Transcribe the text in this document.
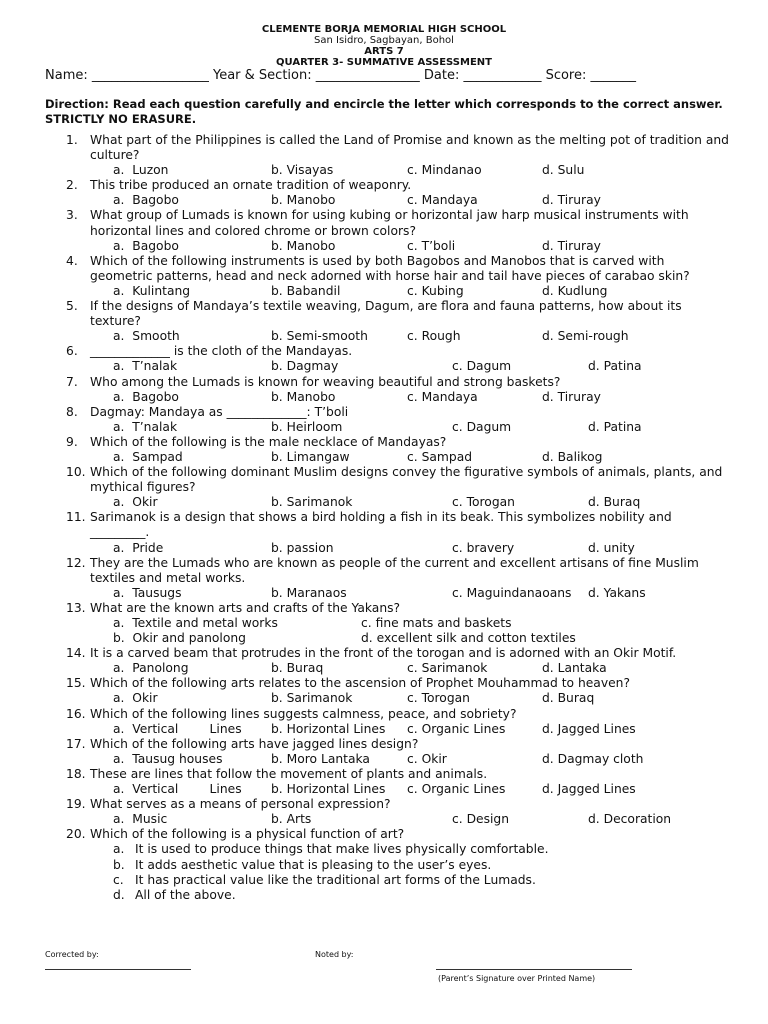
CLEMENTE BORJA MEMORIAL HIGH SCHOOL
San Isidro, Sagbayan, Bohol
ARTS 7
QUARTER 3- SUMMATIVE ASSESSMENT
Name: __________________ Year & Section: ________________ Date: ____________ Score: _______
Direction: Read each question carefully and encircle the letter which corresponds to the correct answer. STRICTLY NO ERASURE.
1. What part of the Philippines is called the Land of Promise and known as the melting pot of tradition and culture?
a.  Luzon	b. Visayas	c. Mindanao	d. Sulu
2. This tribe produced an ornate tradition of weaponry.
a.  Bagobo	b. Manobo	c. Mandaya	d. Tiruray
3. What group of Lumads is known for using kubing or horizontal jaw harp musical instruments with horizontal lines and colored chrome or brown colors?
a.  Bagobo	b. Manobo	c. T’boli	d. Tiruray
4. Which of the following instruments is used by both Bagobos and Manobos that is carved with geometric patterns, head and neck adorned with horse hair and tail have pieces of carabao skin?
a.  Kulintang	b. Babandil	c. Kubing	d. Kudlung
5. If the designs of Mandaya’s textile weaving, Dagum, are flora and fauna patterns, how about its texture?
a.  Smooth	b. Semi-smooth	c. Rough	d. Semi-rough
6. _____________ is the cloth of the Mandayas.
a.  T’nalak	b. Dagmay	c. Dagum	d. Patina
7. Who among the Lumads is known for weaving beautiful and strong baskets?
a.  Bagobo	b. Manobo	c. Mandaya	d. Tiruray
8. Dagmay: Mandaya as _____________: T’boli
a.  T’nalak	b. Heirloom	c. Dagum	d. Patina
9. Which of the following is the male necklace of Mandayas?
a.  Sampad	b. Limangaw	c. Sampad	d. Balikog
10. Which of the following dominant Muslim designs convey the figurative symbols of animals, plants, and mythical figures?
a.  Okir	b. Sarimanok	c. Torogan	d. Buraq
11. Sarimanok is a design that shows a bird holding a fish in its beak. This symbolizes nobility and _________.
a.  Pride	b. passion	c. bravery	d. unity
12. They are the Lumads who are known as people of the current and excellent artisans of fine Muslim textiles and metal works.
a.  Tausugs	b. Maranaos	c. Maguindanaoans d. Yakans
13. What are the known arts and crafts of the Yakans?
a.  Textile and metal works	c. fine mats and baskets
b.  Okir and panolong	d. excellent silk and cotton textiles
14. It is a carved beam that protrudes in the front of the torogan and is adorned with an Okir Motif.
a.  Panolong	b. Buraq	c. Sarimanok	d. Lantaka
15. Which of the following arts relates to the ascension of Prophet Mouhammad to heaven?
a.  Okir	b. Sarimanok	c. Torogan	d. Buraq
16. Which of the following lines suggests calmness, peace, and sobriety?
a.  Vertical        Lines b. Horizontal Lines c. Organic Lines	d. Jagged Lines
17. Which of the following arts have jagged lines design?
a.  Tausug houses	b. Moro Lantaka	c. Okir	d. Dagmay cloth
18. These are lines that follow the movement of plants and animals.
a.  Vertical        Lines b. Horizontal Lines c. Organic Lines	d. Jagged Lines
19. What serves as a means of personal expression?
a.  Music	b. Arts	c. Design	d. Decoration
20. Which of the following is a physical function of art?
a. It is used to produce things that make lives physically comfortable.
b. It adds aesthetic value that is pleasing to the user’s eyes.
c. It has practical value like the traditional art forms of the Lumads.
d. All of the above.
Corrected by:	Noted by:
(Parent’s Signature over Printed Name)
